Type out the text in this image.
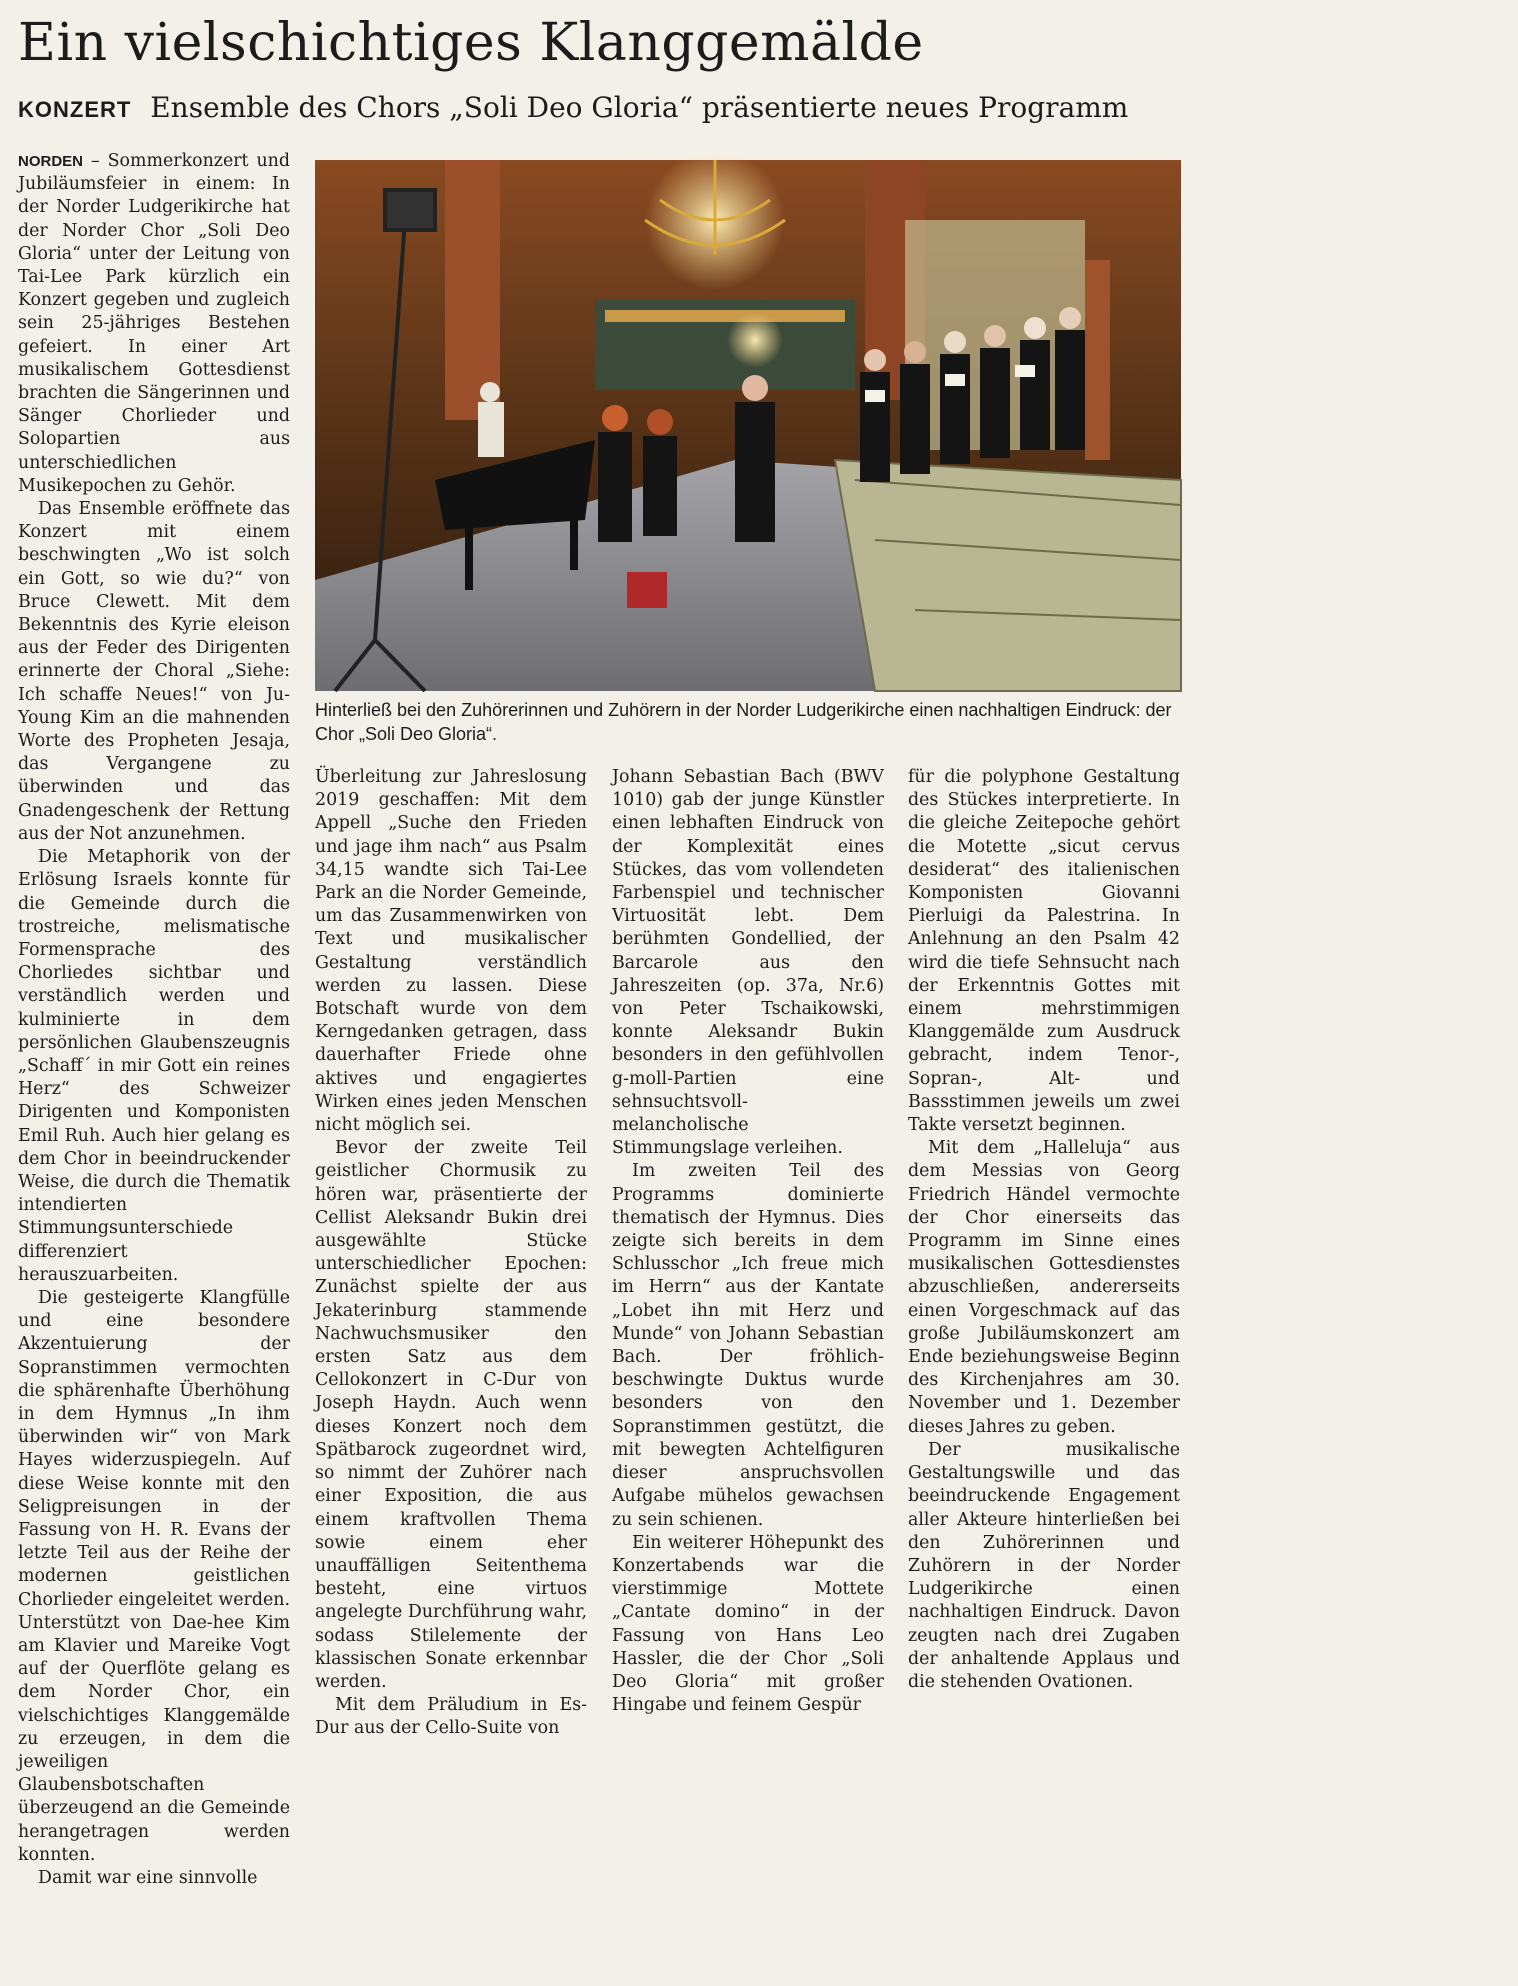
Ein vielschichtiges Klanggemälde
KONZERT Ensemble des Chors „Soli Deo Gloria“ präsentierte neues Programm

NORDEN – Sommerkonzert und Jubiläumsfeier in einem: In der Norder Ludgerikirche hat der Norder Chor „Soli Deo Gloria“ unter der Leitung von Tai-Lee Park kürzlich ein Konzert gegeben und zugleich sein 25-jähriges Bestehen gefeiert. In einer Art musikalischem Gottesdienst brachten die Sängerinnen und Sänger Chorlieder und Solopartien aus unterschiedlichen Musikepochen zu Gehör.

Das Ensemble eröffnete das Konzert mit einem beschwingten „Wo ist solch ein Gott, so wie du?“ von Bruce Clewett. Mit dem Bekenntnis des Kyrie eleison aus der Feder des Dirigenten erinnerte der Choral „Siehe: Ich schaffe Neues!“ von Ju-Young Kim an die mahnenden Worte des Propheten Jesaja, das Vergangene zu überwinden und das Gnadengeschenk der Rettung aus der Not anzunehmen.

Die Metaphorik von der Erlösung Israels konnte für die Gemeinde durch die trostreiche, melismatische Formensprache des Chorliedes sichtbar und verständlich werden und kulminierte in dem persönlichen Glaubenszeugnis „Schaff´ in mir Gott ein reines Herz“ des Schweizer Dirigenten und Komponisten Emil Ruh. Auch hier gelang es dem Chor in beeindruckender Weise, die durch die Thematik intendierten Stimmungsunterschiede differenziert herauszuarbeiten.

Die gesteigerte Klangfülle und eine besondere Akzentuierung der Sopranstimmen vermochten die sphärenhafte Überhöhung in dem Hymnus „In ihm überwinden wir“ von Mark Hayes widerzuspiegeln. Auf diese Weise konnte mit den Seligpreisungen in der Fassung von H. R. Evans der letzte Teil aus der Reihe der modernen geistlichen Chorlieder eingeleitet werden. Unterstützt von Dae-hee Kim am Klavier und Mareike Vogt auf der Querflöte gelang es dem Norder Chor, ein vielschichtiges Klanggemälde zu erzeugen, in dem die jeweiligen Glaubensbotschaften überzeugend an die Gemeinde herangetragen werden konnten.

Damit war eine sinnvolle

Hinterließ bei den Zuhörerinnen und Zuhörern in der Norder Ludgerikirche einen nachhaltigen Eindruck: der Chor „Soli Deo Gloria“.

Überleitung zur Jahreslosung 2019 geschaffen: Mit dem Appell „Suche den Frieden und jage ihm nach“ aus Psalm 34,15 wandte sich Tai-Lee Park an die Norder Gemeinde, um das Zusammenwirken von Text und musikalischer Gestaltung verständlich werden zu lassen. Diese Botschaft wurde von dem Kerngedanken getragen, dass dauerhafter Friede ohne aktives und engagiertes Wirken eines jeden Menschen nicht möglich sei.

Bevor der zweite Teil geistlicher Chormusik zu hören war, präsentierte der Cellist Aleksandr Bukin drei ausgewählte Stücke unterschiedlicher Epochen: Zunächst spielte der aus Jekaterinburg stammende Nachwuchsmusiker den ersten Satz aus dem Cellokonzert in C-Dur von Joseph Haydn. Auch wenn dieses Konzert noch dem Spätbarock zugeordnet wird, so nimmt der Zuhörer nach einer Exposition, die aus einem kraftvollen Thema sowie einem eher unauffälligen Seitenthema besteht, eine virtuos angelegte Durchführung wahr, sodass Stilelemente der klassischen Sonate erkennbar werden.

Mit dem Präludium in Es-Dur aus der Cello-Suite von

Johann Sebastian Bach (BWV 1010) gab der junge Künstler einen lebhaften Eindruck von der Komplexität eines Stückes, das vom vollendeten Farbenspiel und technischer Virtuosität lebt. Dem berühmten Gondellied, der Barcarole aus den Jahreszeiten (op. 37a, Nr.6) von Peter Tschaikowski, konnte Aleksandr Bukin besonders in den gefühlvollen g-moll-Partien eine sehnsuchtsvoll-melancholische Stimmungslage verleihen.

Im zweiten Teil des Programms dominierte thematisch der Hymnus. Dies zeigte sich bereits in dem Schlusschor „Ich freue mich im Herrn“ aus der Kantate „Lobet ihn mit Herz und Munde“ von Johann Sebastian Bach. Der fröhlich-beschwingte Duktus wurde besonders von den Sopranstimmen gestützt, die mit bewegten Achtelfiguren dieser anspruchsvollen Aufgabe mühelos gewachsen zu sein schienen.

Ein weiterer Höhepunkt des Konzertabends war die vierstimmige Mottete „Cantate domino“ in der Fassung von Hans Leo Hassler, die der Chor „Soli Deo Gloria“ mit großer Hingabe und feinem Gespür

für die polyphone Gestaltung des Stückes interpretierte. In die gleiche Zeitepoche gehört die Motette „sicut cervus desiderat“ des italienischen Komponisten Giovanni Pierluigi da Palestrina. In Anlehnung an den Psalm 42 wird die tiefe Sehnsucht nach der Erkenntnis Gottes mit einem mehrstimmigen Klanggemälde zum Ausdruck gebracht, indem Tenor-, Sopran-, Alt- und Bassstimmen jeweils um zwei Takte versetzt beginnen.

Mit dem „Halleluja“ aus dem Messias von Georg Friedrich Händel vermochte der Chor einerseits das Programm im Sinne eines musikalischen Gottesdienstes abzuschließen, andererseits einen Vorgeschmack auf das große Jubiläumskonzert am Ende beziehungsweise Beginn des Kirchenjahres am 30. November und 1. Dezember dieses Jahres zu geben.

Der musikalische Gestaltungswille und das beeindruckende Engagement aller Akteure hinterließen bei den Zuhörerinnen und Zuhörern in der Norder Ludgerikirche einen nachhaltigen Eindruck. Davon zeugten nach drei Zugaben der anhaltende Applaus und die stehenden Ovationen.
